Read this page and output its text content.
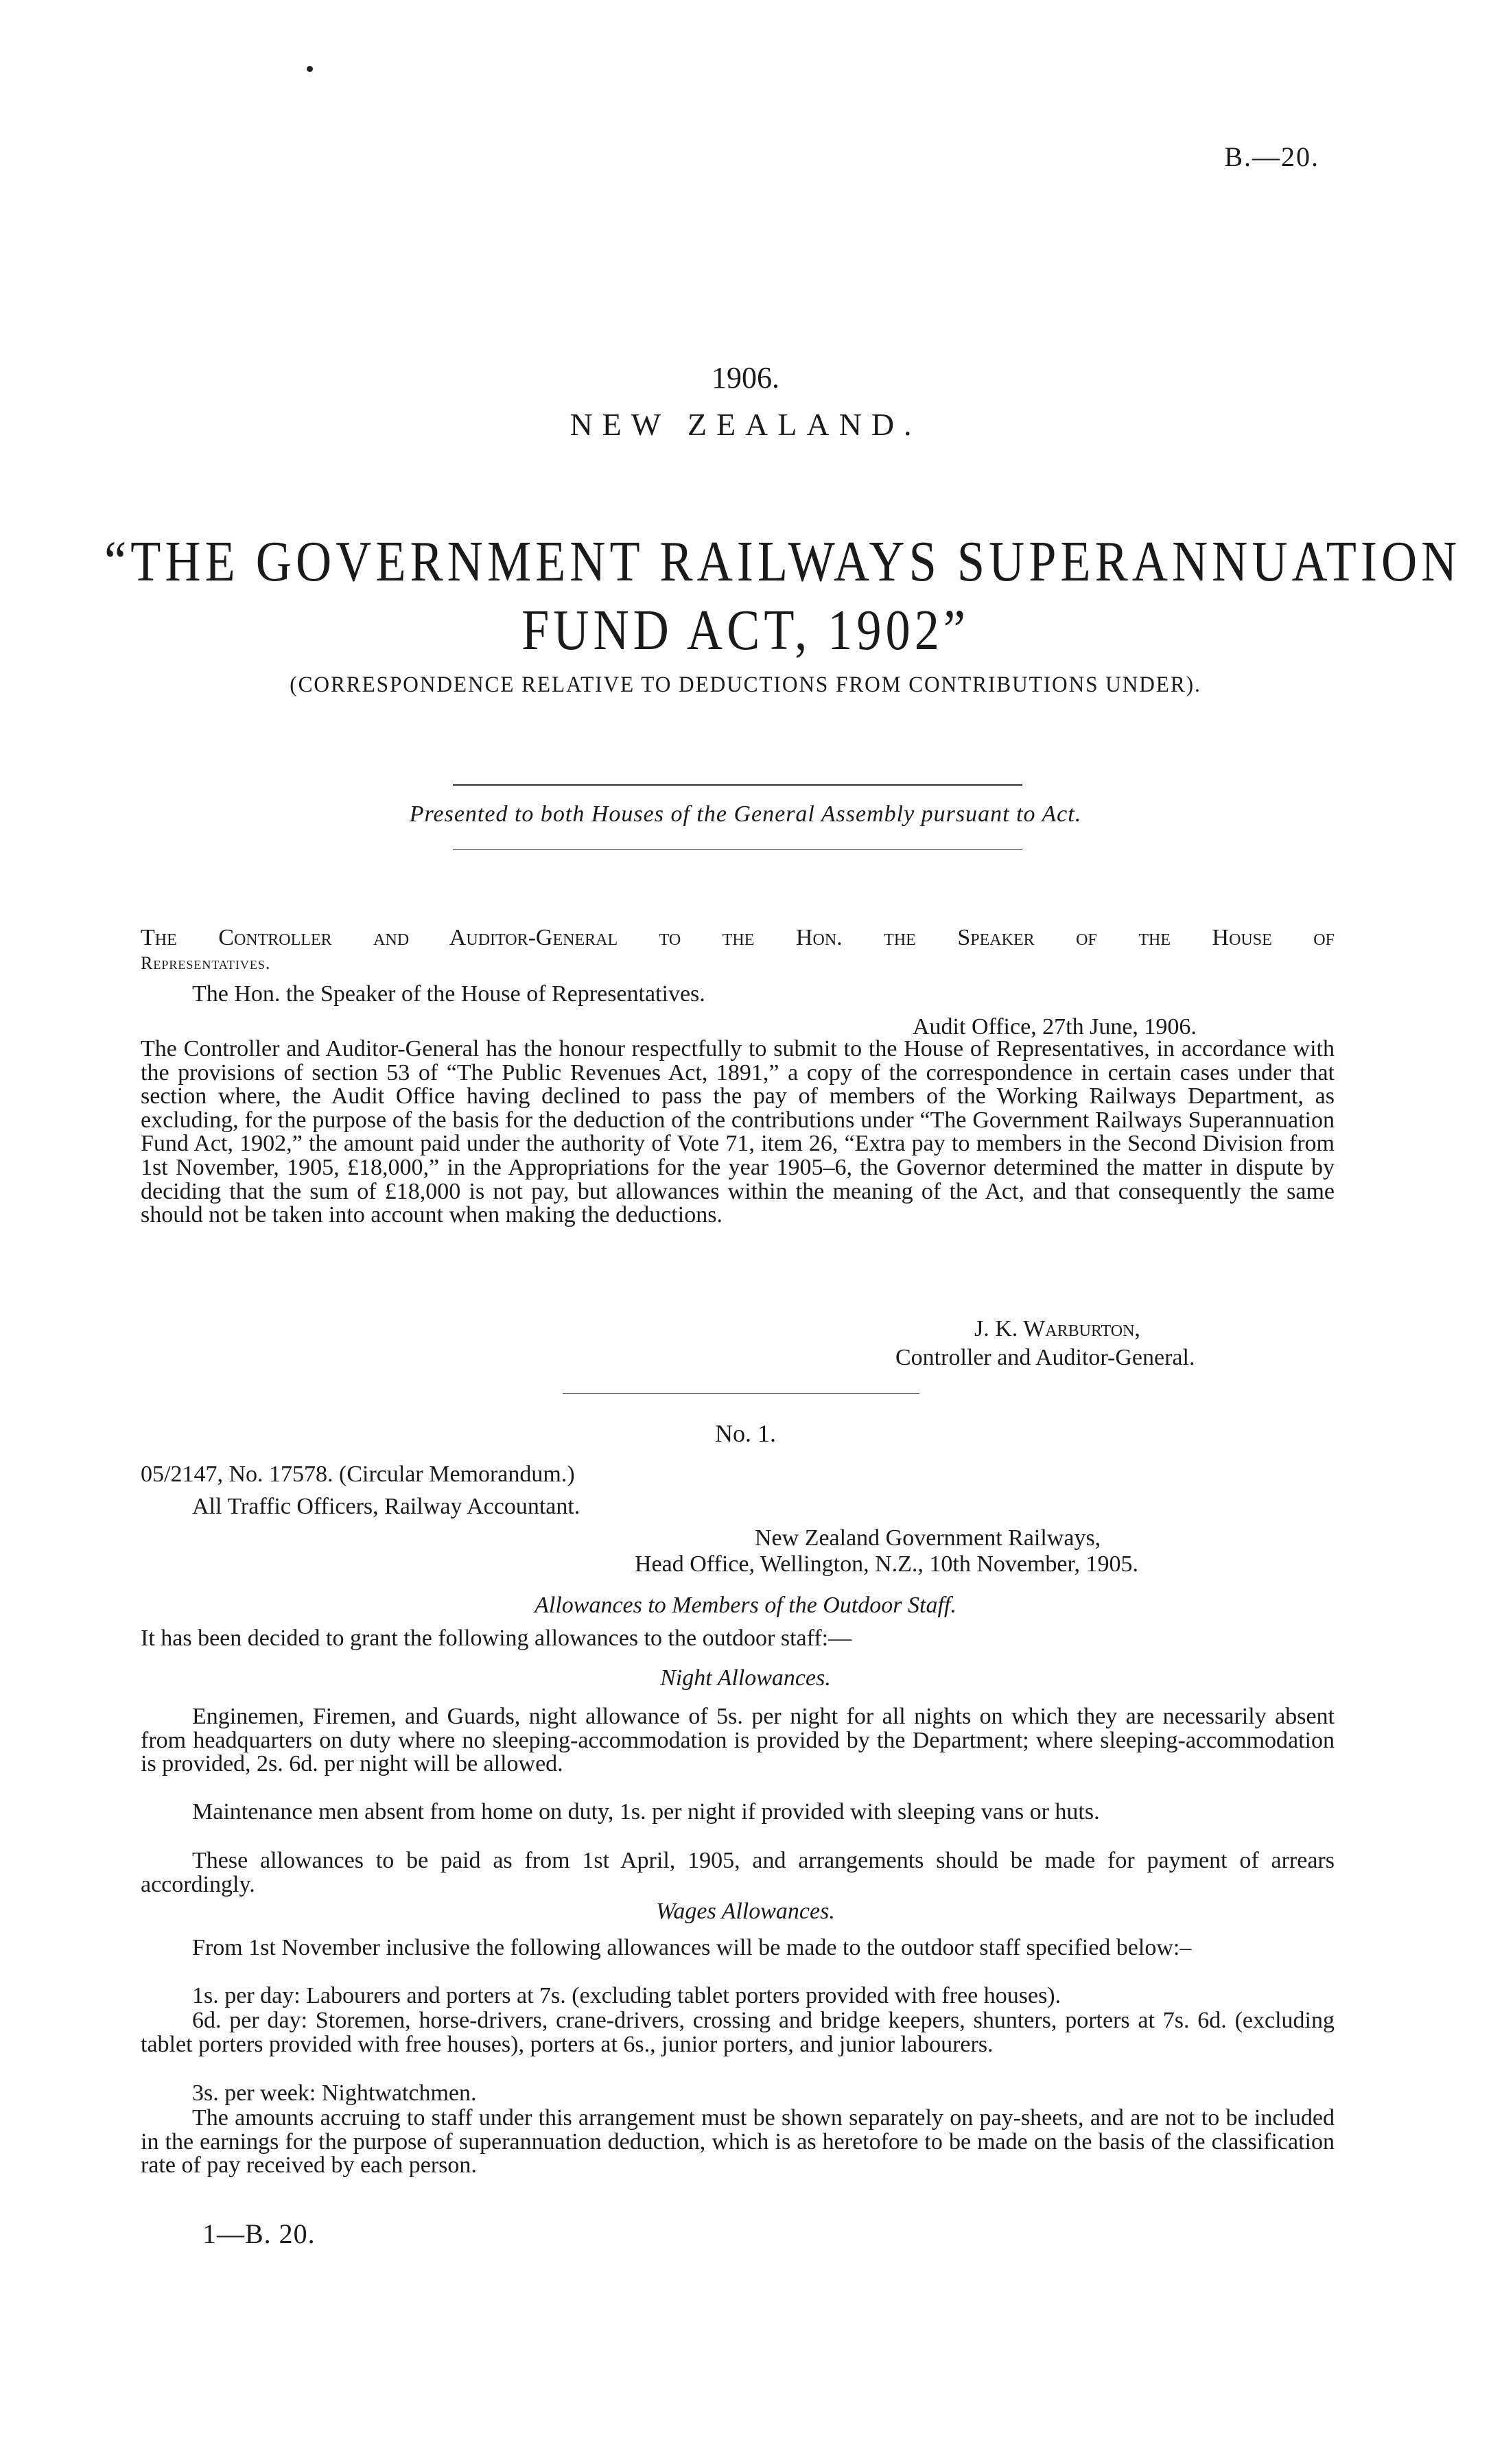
B.—20.
1906.
NEW ZEALAND.
“THE GOVERNMENT RAILWAYS SUPERANNUATION
FUND ACT, 1902”
(CORRESPONDENCE RELATIVE TO DEDUCTIONS FROM CONTRIBUTIONS UNDER).
Presented to both Houses of the General Assembly pursuant to Act.
The Controller and Auditor-General to the Hon. the Speaker of the House of
Representatives.
The Hon. the Speaker of the House of Representatives.
Audit Office, 27th June, 1906.
The Controller and Auditor-General has the honour respectfully to submit to the House of Representatives, in accordance with the provisions of section 53 of “The Public Revenues Act, 1891,” a copy of the correspondence in certain cases under that section where, the Audit Office having declined to pass the pay of members of the Working Railways Department, as excluding, for the purpose of the basis for the deduction of the contributions under “The Government Railways Superannuation Fund Act, 1902,” the amount paid under the authority of Vote 71, item 26, “Extra pay to members in the Second Division from 1st November, 1905, £18,000,” in the Appropriations for the year 1905–6, the Governor determined the matter in dispute by deciding that the sum of £18,000 is not pay, but allowances within the meaning of the Act, and that consequently the same should not be taken into account when making the deductions.
J. K. Warburton,
Controller and Auditor-General.
No. 1.
05/2147, No. 17578. (Circular Memorandum.)
All Traffic Officers, Railway Accountant.
New Zealand Government Railways,
Head Office, Wellington, N.Z., 10th November, 1905.
Allowances to Members of the Outdoor Staff.
It has been decided to grant the following allowances to the outdoor staff:—
Night Allowances.
Enginemen, Firemen, and Guards, night allowance of 5s. per night for all nights on which they are necessarily absent from headquarters on duty where no sleeping-accommodation is provided by the Department; where sleeping-accommodation is provided, 2s. 6d. per night will be allowed.
Maintenance men absent from home on duty, 1s. per night if provided with sleeping vans or huts.
These allowances to be paid as from 1st April, 1905, and arrangements should be made for payment of arrears accordingly.
Wages Allowances.
From 1st November inclusive the following allowances will be made to the outdoor staff specified below:–
1s. per day: Labourers and porters at 7s. (excluding tablet porters provided with free houses).
6d. per day: Storemen, horse-drivers, crane-drivers, crossing and bridge keepers, shunters, porters at 7s. 6d. (excluding tablet porters provided with free houses), porters at 6s., junior porters, and junior labourers.
3s. per week: Nightwatchmen.
The amounts accruing to staff under this arrangement must be shown separately on pay-sheets, and are not to be included in the earnings for the purpose of superannuation deduction, which is as heretofore to be made on the basis of the classification rate of pay received by each person.
1—B. 20.
